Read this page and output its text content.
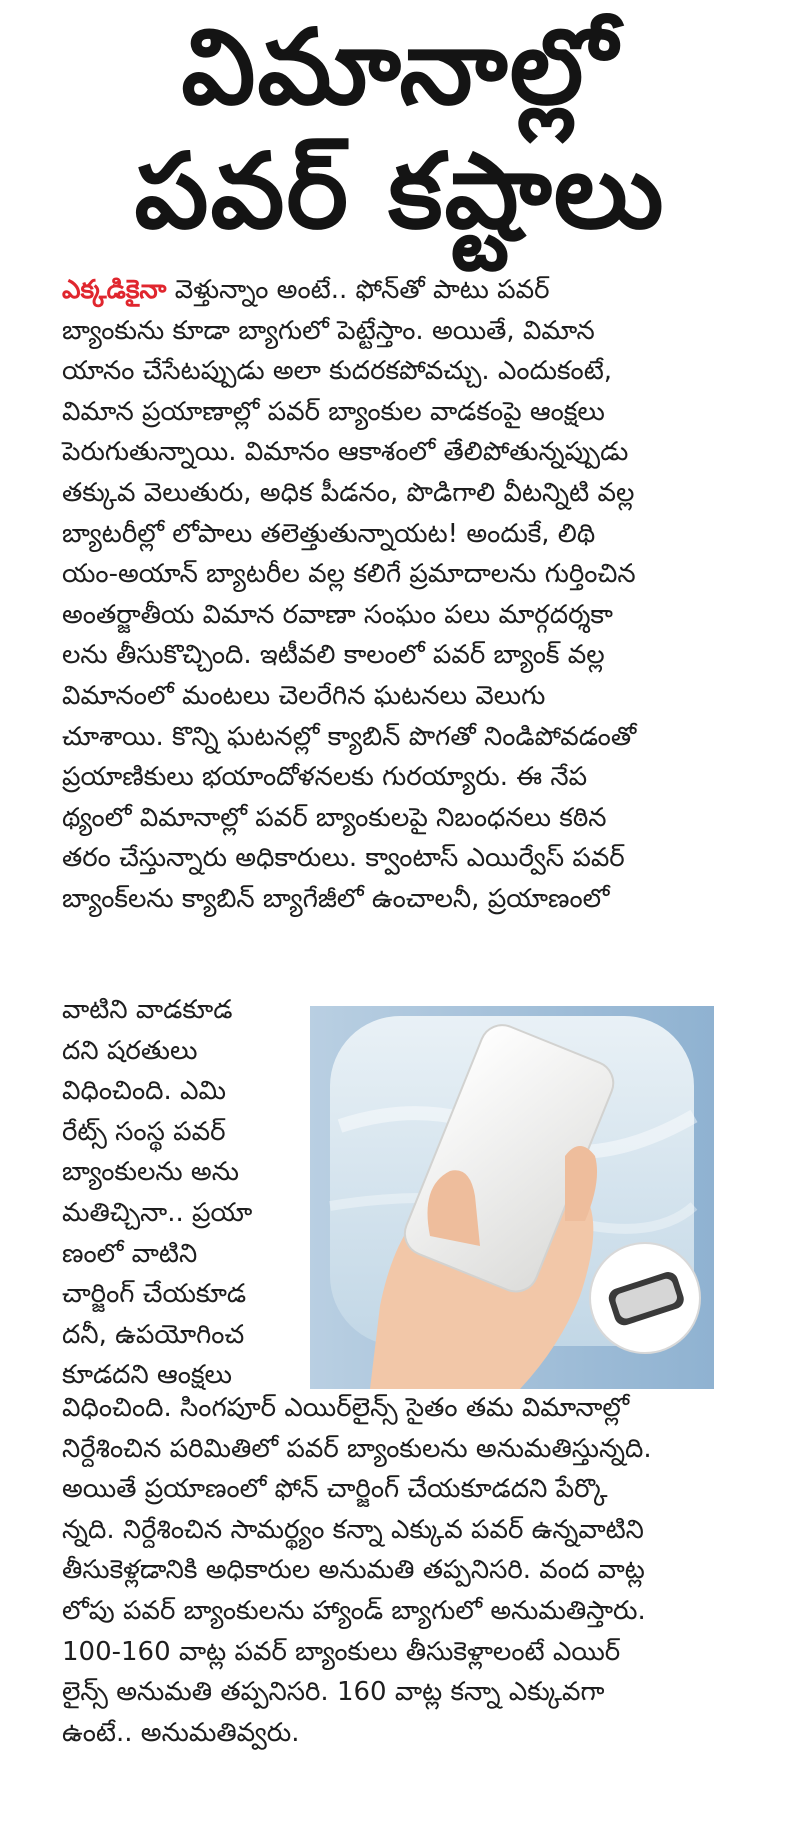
విమానాల్లో
పవర్ కష్టాలు
ఎక్కడికైనా వెళ్తున్నాం అంటే.. ఫోన్‌తో పాటు పవర్
బ్యాంకును కూడా బ్యాగులో పెట్టేస్తాం. అయితే, విమాన
యానం చేసేటప్పుడు అలా కుదరకపోవచ్చు. ఎందుకంటే,
విమాన ప్రయాణాల్లో పవర్ బ్యాంకుల వాడకంపై ఆంక్షలు
పెరుగుతున్నాయి. విమానం ఆకాశంలో తేలిపోతున్నప్పుడు
తక్కువ వెలుతురు, అధిక పీడనం, పొడిగాలి వీటన్నిటి వల్ల
బ్యాటరీల్లో లోపాలు తలెత్తుతున్నాయట! అందుకే, లిథి
యం-అయాన్ బ్యాటరీల వల్ల కలిగే ప్రమాదాలను గుర్తించిన
అంతర్జాతీయ విమాన రవాణా సంఘం పలు మార్గదర్శకా
లను తీసుకొచ్చింది. ఇటీవలి కాలంలో పవర్ బ్యాంక్ వల్ల
విమానంలో మంటలు చెలరేగిన ఘటనలు వెలుగు
చూశాయి. కొన్ని ఘటనల్లో క్యాబిన్ పొగతో నిండిపోవడంతో
ప్రయాణికులు భయాందోళనలకు గురయ్యారు. ఈ నేప
థ్యంలో విమానాల్లో పవర్ బ్యాంకులపై నిబంధనలు కఠిన
తరం చేస్తున్నారు అధికారులు. క్వాంటాస్ ఎయిర్వేస్ పవర్
బ్యాంక్‌లను క్యాబిన్ బ్యాగేజీలో ఉంచాలనీ, ప్రయాణంలో
వాటిని వాడకూడ
దని షరతులు
విధించింది. ఎమి
రేట్స్ సంస్థ పవర్
బ్యాంకులను అను
మతిచ్చినా.. ప్రయా
ణంలో వాటిని
చార్జింగ్ చేయకూడ
దనీ, ఉపయోగించ
కూడదని ఆంక్షలు
విధించింది. సింగపూర్ ఎయిర్‌లైన్స్ సైతం తమ విమానాల్లో
నిర్దేశించిన పరిమితిలో పవర్ బ్యాంకులను అనుమతిస్తున్నది.
అయితే ప్రయాణంలో ఫోన్ చార్జింగ్ చేయకూడదని పేర్కొ
న్నది. నిర్దేశించిన సామర్థ్యం కన్నా ఎక్కువ పవర్ ఉన్నవాటిని
తీసుకెళ్లడానికి అధికారుల అనుమతి తప్పనిసరి. వంద వాట్ల
లోపు పవర్ బ్యాంకులను హ్యాండ్ బ్యాగులో అనుమతిస్తారు.
100-160 వాట్ల పవర్ బ్యాంకులు తీసుకెళ్లాలంటే ఎయిర్
లైన్స్ అనుమతి తప్పనిసరి. 160 వాట్ల కన్నా ఎక్కువగా
ఉంటే.. అనుమతివ్వరు.
